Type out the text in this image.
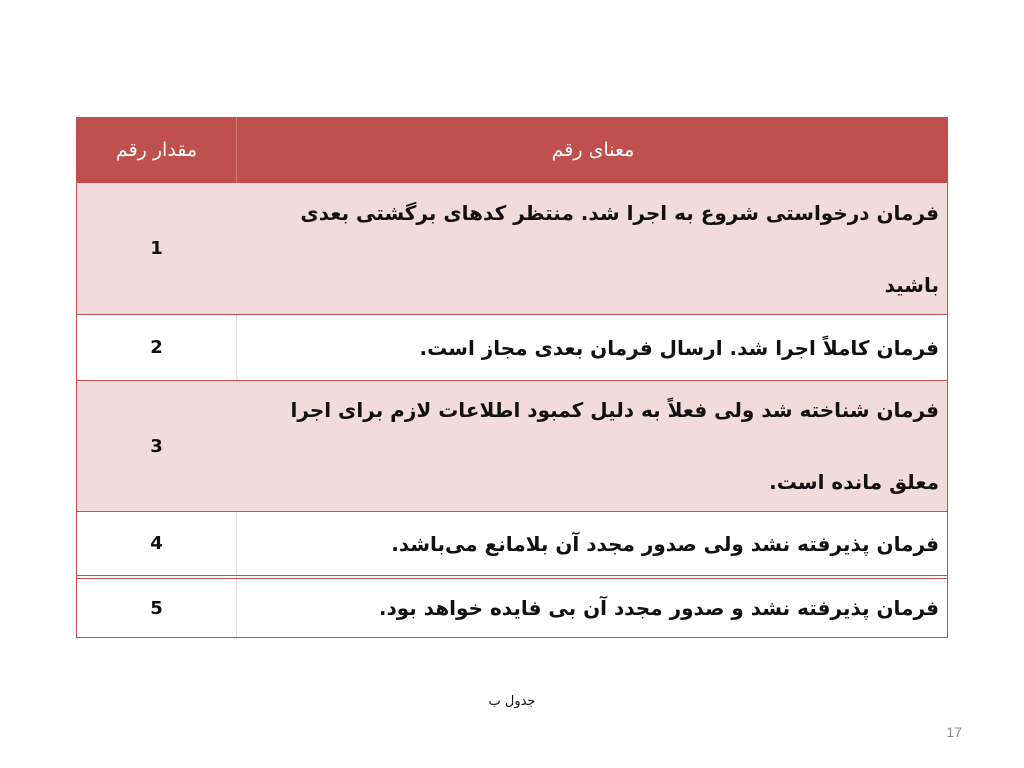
معنای رقم
مقدار رقم
فرمان درخواستی شروع به اجرا شد. منتظر کدهای برگشتی بعدی باشید
1
فرمان کاملاً اجرا شد. ارسال فرمان بعدی مجاز است.
2
فرمان شناخته شد ولی فعلاً به دلیل کمبود اطلاعات لازم برای اجرا معلق مانده است.
3
فرمان پذیرفته نشد ولی صدور مجدد آن بلامانع می‌باشد.
4
فرمان پذیرفته نشد و صدور مجدد آن بی فایده خواهد بود.
5
جدول ب
17
